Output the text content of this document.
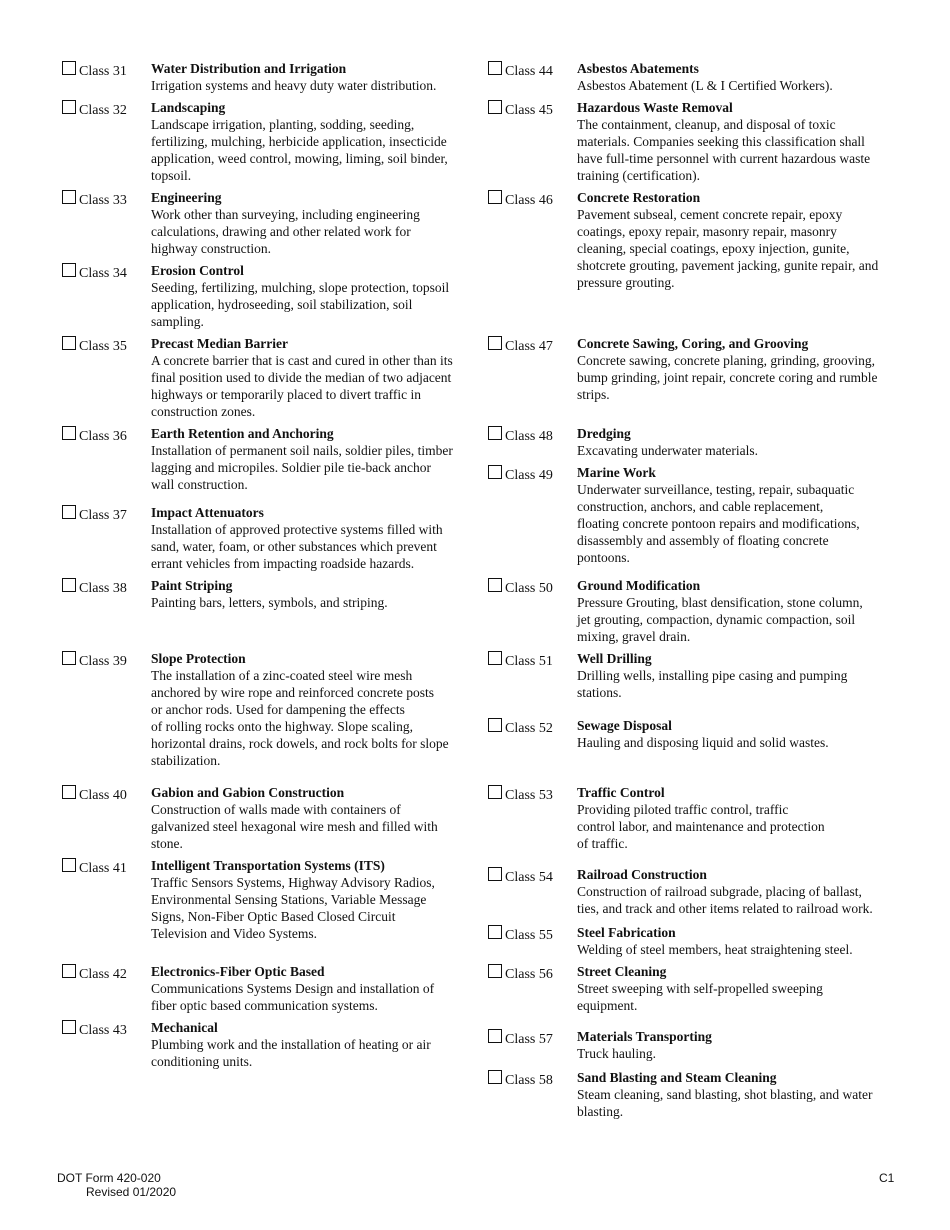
Class 31 Water Distribution and Irrigation
Irrigation systems and heavy duty water distribution.
Class 32 Landscaping
Landscape irrigation, planting, sodding, seeding,
fertilizing, mulching, herbicide application, insecticide
application, weed control, mowing, liming, soil binder,
topsoil.
Class 33 Engineering
Work other than surveying, including engineering
calculations, drawing and other related work for
highway construction.
Class 34 Erosion Control
Seeding, fertilizing, mulching, slope protection, topsoil
application, hydroseeding, soil stabilization, soil
sampling.
Class 35 Precast Median Barrier
A concrete barrier that is cast and cured in other than its
final position used to divide the median of two adjacent
highways or temporarily placed to divert traffic in
construction zones.
Class 36 Earth Retention and Anchoring
Installation of permanent soil nails, soldier piles, timber
lagging and micropiles. Soldier pile tie-back anchor
wall construction.
Class 37 Impact Attenuators
Installation of approved protective systems filled with
sand, water, foam, or other substances which prevent
errant vehicles from impacting roadside hazards.
Class 38 Paint Striping
Painting bars, letters, symbols, and striping.
Class 39 Slope Protection
The installation of a zinc-coated steel wire mesh
anchored by wire rope and reinforced concrete posts
or anchor rods. Used for dampening the effects
of rolling rocks onto the highway. Slope scaling,
horizontal drains, rock dowels, and rock bolts for slope
stabilization.
Class 40 Gabion and Gabion Construction
Construction of walls made with containers of
galvanized steel hexagonal wire mesh and filled with
stone.
Class 41 Intelligent Transportation Systems (ITS)
Traffic Sensors Systems, Highway Advisory Radios,
Environmental Sensing Stations, Variable Message
Signs, Non-Fiber Optic Based Closed Circuit
Television and Video Systems.
Class 42 Electronics-Fiber Optic Based
Communications Systems Design and installation of
fiber optic based communication systems.
Class 43 Mechanical
Plumbing work and the installation of heating or air
conditioning units.
Class 44 Asbestos Abatements
Asbestos Abatement (L & I Certified Workers).
Class 45 Hazardous Waste Removal
The containment, cleanup, and disposal of toxic
materials. Companies seeking this classification shall
have full-time personnel with current hazardous waste
training (certification).
Class 46 Concrete Restoration
Pavement subseal, cement concrete repair, epoxy
coatings, epoxy repair, masonry repair, masonry
cleaning, special coatings, epoxy injection, gunite,
shotcrete grouting, pavement jacking, gunite repair, and
pressure grouting.
Class 47 Concrete Sawing, Coring, and Grooving
Concrete sawing, concrete planing, grinding, grooving,
bump grinding, joint repair, concrete coring and rumble
strips.
Class 48 Dredging
Excavating underwater materials.
Class 49 Marine Work
Underwater surveillance, testing, repair, subaquatic
construction, anchors, and cable replacement,
floating concrete pontoon repairs and modifications,
disassembly and assembly of floating concrete
pontoons.
Class 50 Ground Modification
Pressure Grouting, blast densification, stone column,
jet grouting, compaction, dynamic compaction, soil
mixing, gravel drain.
Class 51 Well Drilling
Drilling wells, installing pipe casing and pumping
stations.
Class 52 Sewage Disposal
Hauling and disposing liquid and solid wastes.
Class 53 Traffic Control
Providing piloted traffic control, traffic
control labor, and maintenance and protection
of traffic.
Class 54 Railroad Construction
Construction of railroad subgrade, placing of ballast,
ties, and track and other items related to railroad work.
Class 55 Steel Fabrication
Welding of steel members, heat straightening steel.
Class 56 Street Cleaning
Street sweeping with self-propelled sweeping
equipment.
Class 57 Materials Transporting
Truck hauling.
Class 58 Sand Blasting and Steam Cleaning
Steam cleaning, sand blasting, shot blasting, and water
blasting.
DOT Form 420-020
Revised 01/2020
C1
